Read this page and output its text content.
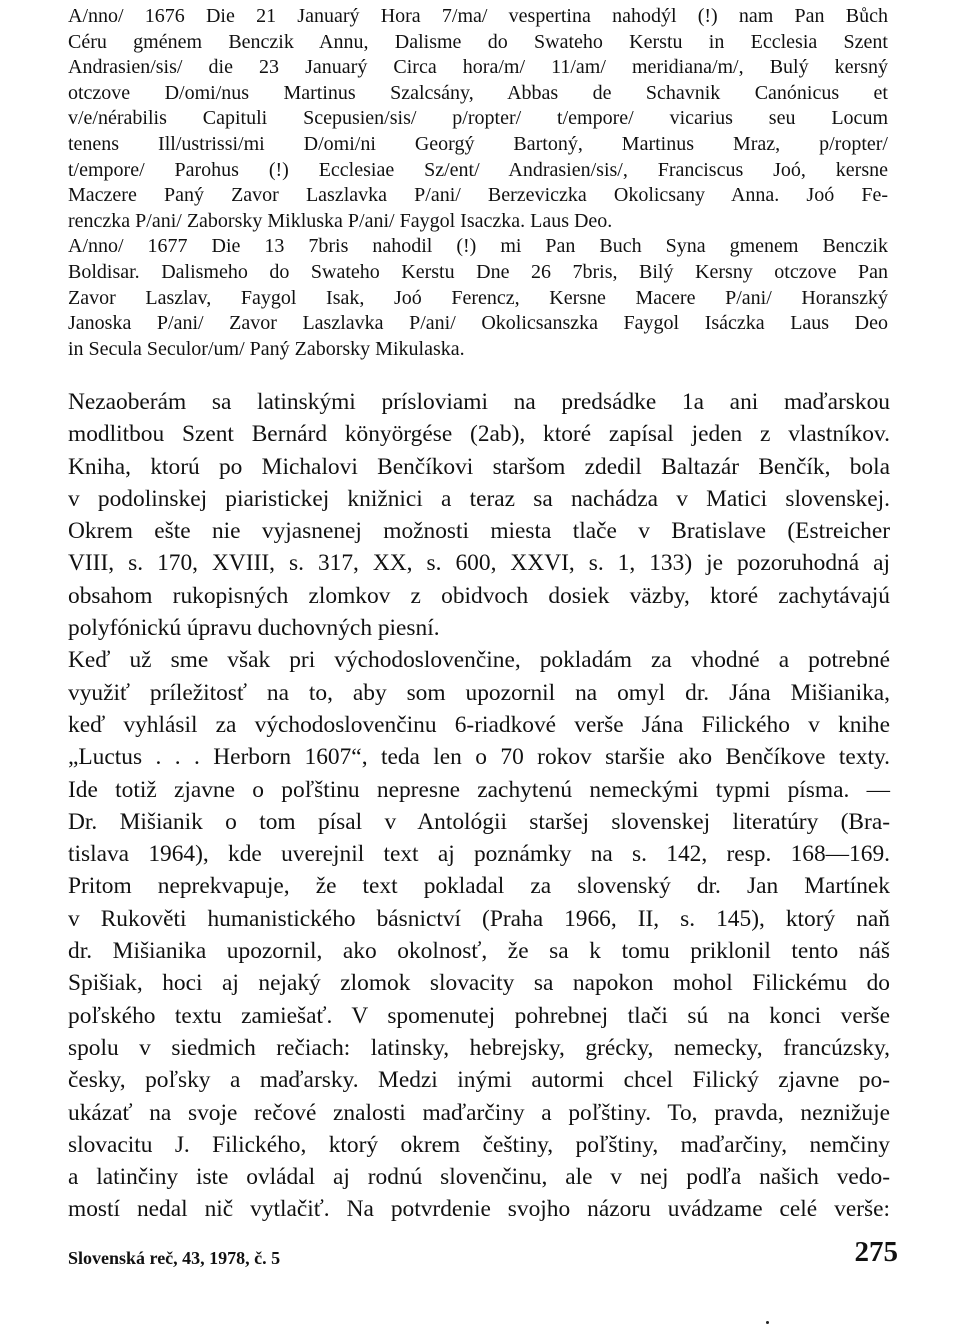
A/nno/ 1676 Die 21 Januarý Hora 7/ma/ vespertina nahodýl (!) nam Pan Bůch
Céru gménem Benczik Annu, Dalisme do Swateho Kerstu in Ecclesia Szent
Andrasien/sis/ die 23 Januarý Circa hora/m/ 11/am/ meridiana/m/, Bulý kersný
otczove D/omi/nus Martinus Szalcsány, Abbas de Schavnik Canónicus et
v/e/nérabilis Capituli Scepusien/sis/ p/ropter/ t/empore/ vicarius seu Locum
tenens Ill/ustrissi/mi D/omi/ni Georgý Bartoný, Martinus Mraz, p/ropter/
t/empore/ Parohus (!) Ecclesiae Sz/ent/ Andrasien/sis/, Franciscus Joó, kersne
Maczere Paný Zavor Laszlavka P/ani/ Berzeviczka Okolicsany Anna. Joó Fe-
renczka P/ani/ Zaborsky Mikluska P/ani/ Faygol Isaczka. Laus Deo.

A/nno/ 1677 Die 13 7bris nahodil (!) mi Pan Buch Syna gmenem Benczik
Boldisar. Dalismeho do Swateho Kerstu Dne 26 7bris, Bilý Kersny otczove Pan
Zavor Laszlav, Faygol Isak, Joó Ferencz, Kersne Macere P/ani/ Horanszký
Janoska P/ani/ Zavor Laszlavka P/ani/ Okolicsanszka Faygol Isáczka Laus Deo
in Secula Seculor/um/ Paný Zaborsky Mikulaska.

Nezaoberám sa latinskými prísloviami na predsádke 1a ani maďarskou
modlitbou Szent Bernárd könyörgése (2ab), ktoré zapísal jeden z vlastníkov.
Kniha, ktorú po Michalovi Benčíkovi staršom zdedil Baltazár Benčík, bola
v podolinskej piaristickej knižnici a teraz sa nachádza v Matici slovenskej.
Okrem ešte nie vyjasnenej možnosti miesta tlače v Bratislave (Estreicher
VIII, s. 170, XVIII, s. 317, XX, s. 600, XXVI, s. 1, 133) je pozoruhodná aj
obsahom rukopisných zlomkov z obidvoch dosiek väzby, ktoré zachytávajú
polyfónickú úpravu duchovných piesní.

Keď už sme však pri východoslovenčine, pokladám za vhodné a potrebné
využiť príležitosť na to, aby som upozornil na omyl dr. Jána Mišianika,
keď vyhlásil za východoslovenčinu 6-riadkové verše Jána Filického v knihe
„Luctus . . . Herborn 1607“, teda len o 70 rokov staršie ako Benčíkove texty.
Ide totiž zjavne o poľštinu nepresne zachytenú nemeckými typmi písma. —
Dr. Mišianik o tom písal v Antológii staršej slovenskej literatúry (Bra-
tislava 1964), kde uverejnil text aj poznámky na s. 142, resp. 168—169.
Pritom neprekvapuje, že text pokladal za slovenský dr. Jan Martínek
v Rukověti humanistického básnictví (Praha 1966, II, s. 145), ktorý naň
dr. Mišianika upozornil, ako okolnosť, že sa k tomu priklonil tento náš
Spišiak, hoci aj nejaký zlomok slovacity sa napokon mohol Filickému do
poľského textu zamiešať. V spomenutej pohrebnej tlači sú na konci verše
spolu v siedmich rečiach: latinsky, hebrejsky, grécky, nemecky, francúzsky,
česky, poľsky a maďarsky. Medzi inými autormi chcel Filický zjavne po-
ukázať na svoje rečové znalosti maďarčiny a poľštiny. To, pravda, neznižuje
slovacitu J. Filického, ktorý okrem češtiny, poľštiny, maďarčiny, nemčiny
a latinčiny iste ovládal aj rodnú slovenčinu, ale v nej podľa našich vedo-
mostí nedal nič vytlačiť. Na potvrdenie svojho názoru uvádzame celé verše:

Slovenská reč, 43, 1978, č. 5	275
